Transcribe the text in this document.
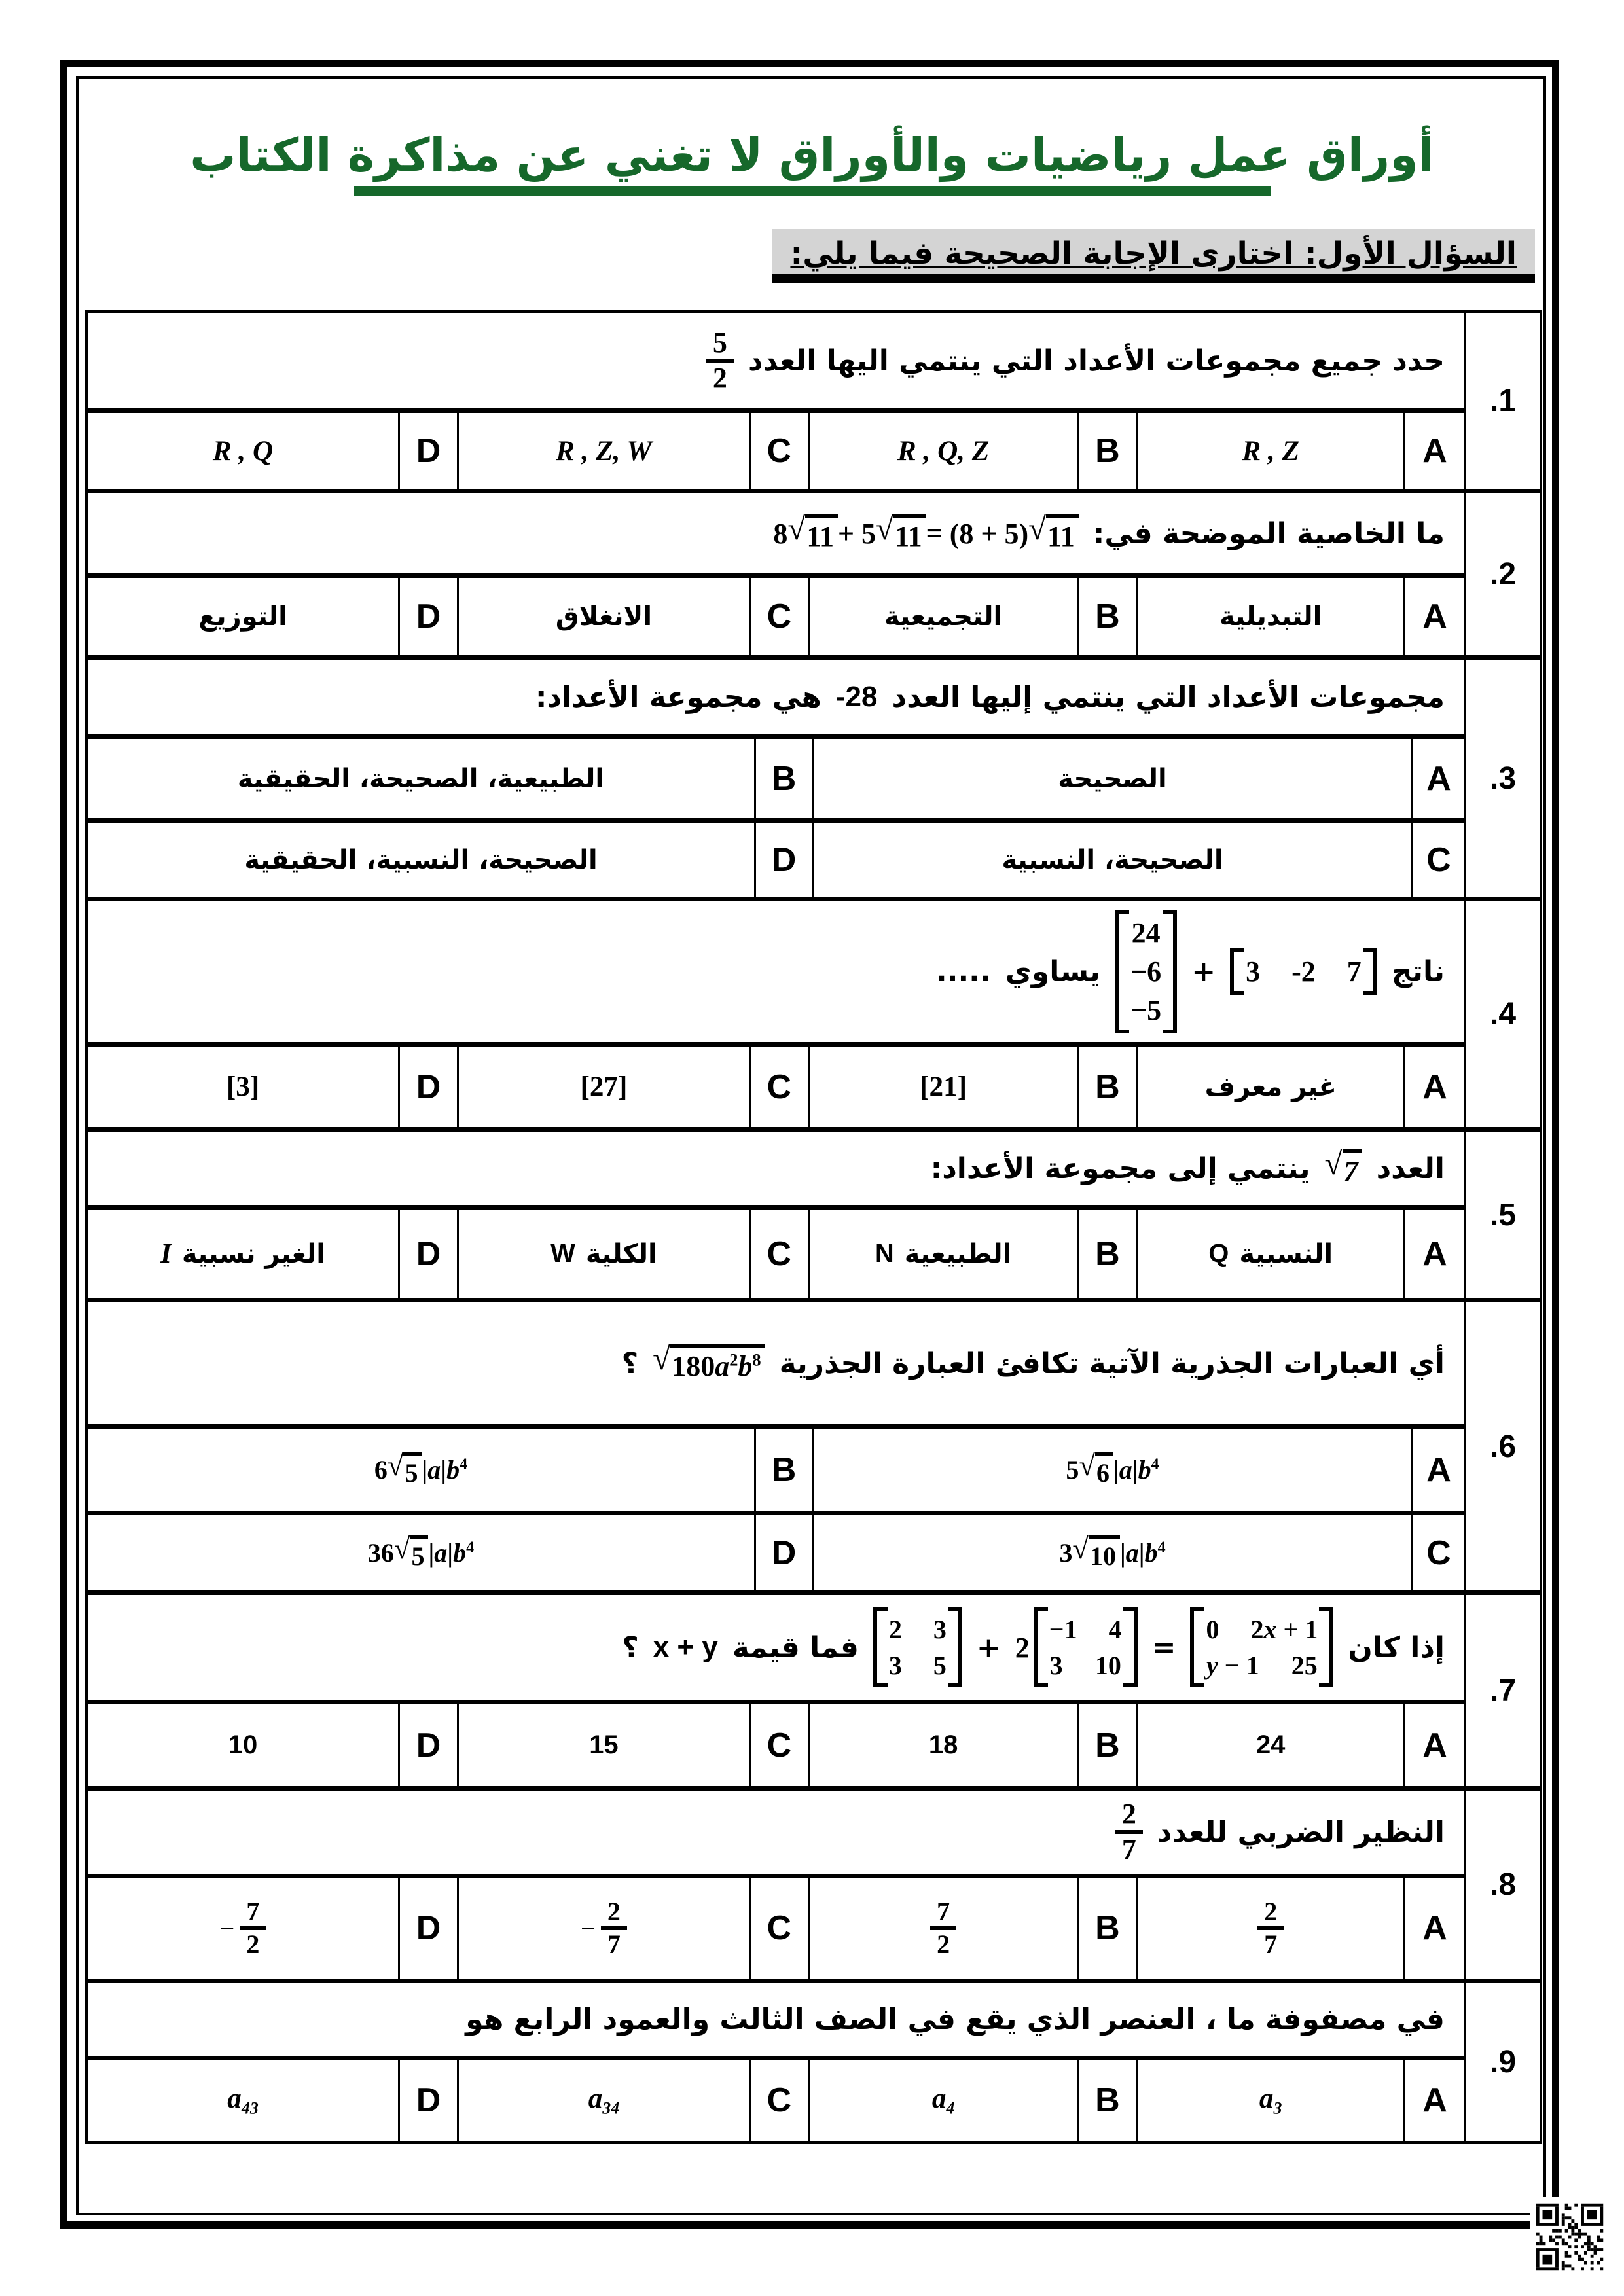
أوراق عمل رياضيات والأوراق لا تغني عن مذاكرة الكتاب
السؤال الأول: اختارى الإجابة الصحيحة فيما يلي:
.1
حدد جميع مجموعات الأعداد التي ينتمي اليها العدد
$\frac{5}{2}$
A
R , Z
B
R , Q, Z
C
R , Z, W
D
R , Q
.2
ما الخاصية الموضحة في:
8 √ 11 + 5 √ 11 = (8 + 5) √ 11
A
التبديلية
B
التجميعية
C
الانغلاق
D
التوزيع
.3
مجموعات الأعداد التي ينتمي إليها العدد
-28
هي مجموعة الأعداد:
A
الصحيحة
B
الطبيعية، الصحيحة، الحقيقية
C
الصحيحة، النسبية
D
الصحيحة، النسبية، الحقيقية
.4
ناتج
3 -2 7
+
24
−6
−5
يساوي
.....
A
غير معرف
B
[21]
C
[27]
D
[3]
.5
العدد
√ 7
ينتمي إلى مجموعة الأعداد:
A
النسبية
Q
B
الطبيعية
N
C
الكلية
W
D
الغير نسبية
I
.6
أي العبارات الجذرية الآتية تكافئ العبارة الجذرية
√ $180a^2b^8$
؟
A
5 √ 6 $|a|b^4$
B
6 √ 5 $|a|b^4$
C
3 √ 10 $|a|b^4$
D
36 √ 5 $|a|b^4$
.7
إذا كان
0 2x + 1
y − 1 25
=
2
−1 4
3 10
+
2 3
3 5
فما قيمة
x + y
؟
A
24
B
18
C
15
D
10
.8
النظير الضربي للعدد
$\frac{2}{7}$
A
$\frac{2}{7}$
B
$\frac{7}{2}$
C
− $\frac{2}{7}$
D
− $\frac{7}{2}$
.9
في مصفوفة ما ، العنصر الذي يقع في الصف الثالث والعمود الرابع هو
A
$a_3$
B
$a_4$
C
$a_{34}$
D
$a_{43}$
